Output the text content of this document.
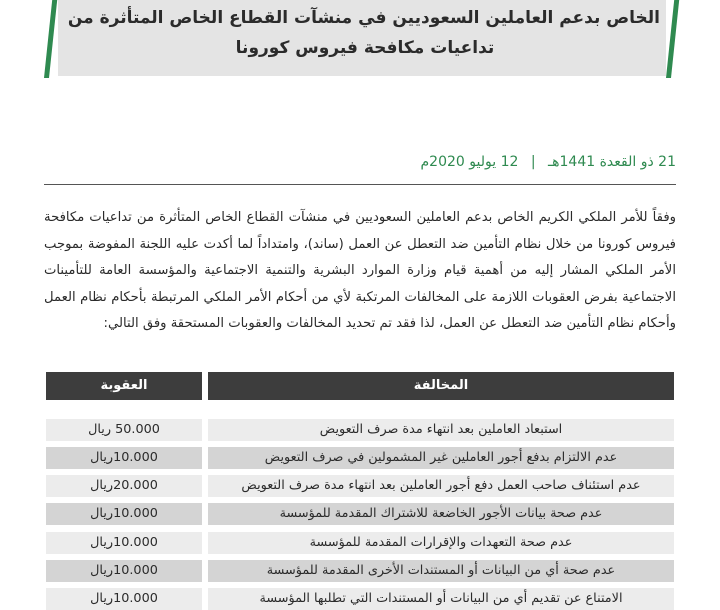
الخاص بدعم العاملين السعوديين في منشآت القطاع الخاص المتأثرة من
تداعيات مكافحة فيروس كورونا
21 ذو القعدة 1441هـ | 12 يوليو 2020م
وفقاً للأمر الملكي الكريم الخاص بدعم العاملين السعوديين في منشآت القطاع الخاص المتأثرة من تداعيات مكافحة فيروس كورونا من خلال نظام التأمين ضد التعطل عن العمل (ساند)، وامتداداً لما أكدت عليه اللجنة المفوضة بموجب الأمر الملكي المشار إليه من أهمية قيام وزارة الموارد البشرية والتنمية الاجتماعية والمؤسسة العامة للتأمينات الاجتماعية بفرض العقوبات اللازمة على المخالفات المرتكبة لأي من أحكام الأمر الملكي المرتبطة بأحكام نظام العمل وأحكام نظام التأمين ضد التعطل عن العمل، لذا فقد تم تحديد المخالفات والعقوبات المستحقة وفق التالي:
المخالفة
العقوبة
استبعاد العاملين بعد انتهاء مدة صرف التعويض
50.000 ريال
عدم الالتزام بدفع أجور العاملين غير المشمولين في صرف التعويض
10.000ريال
عدم استئناف صاحب العمل دفع أجور العاملين بعد انتهاء مدة صرف التعويض
20.000ريال
عدم صحة بيانات الأجور الخاضعة للاشتراك المقدمة للمؤسسة
10.000ريال
عدم صحة التعهدات والإقرارات المقدمة للمؤسسة
10.000ريال
عدم صحة أي من البيانات أو المستندات الأخرى المقدمة للمؤسسة
10.000ريال
الامتناع عن تقديم أي من البيانات أو المستندات التي تطلبها المؤسسة
10.000ريال
